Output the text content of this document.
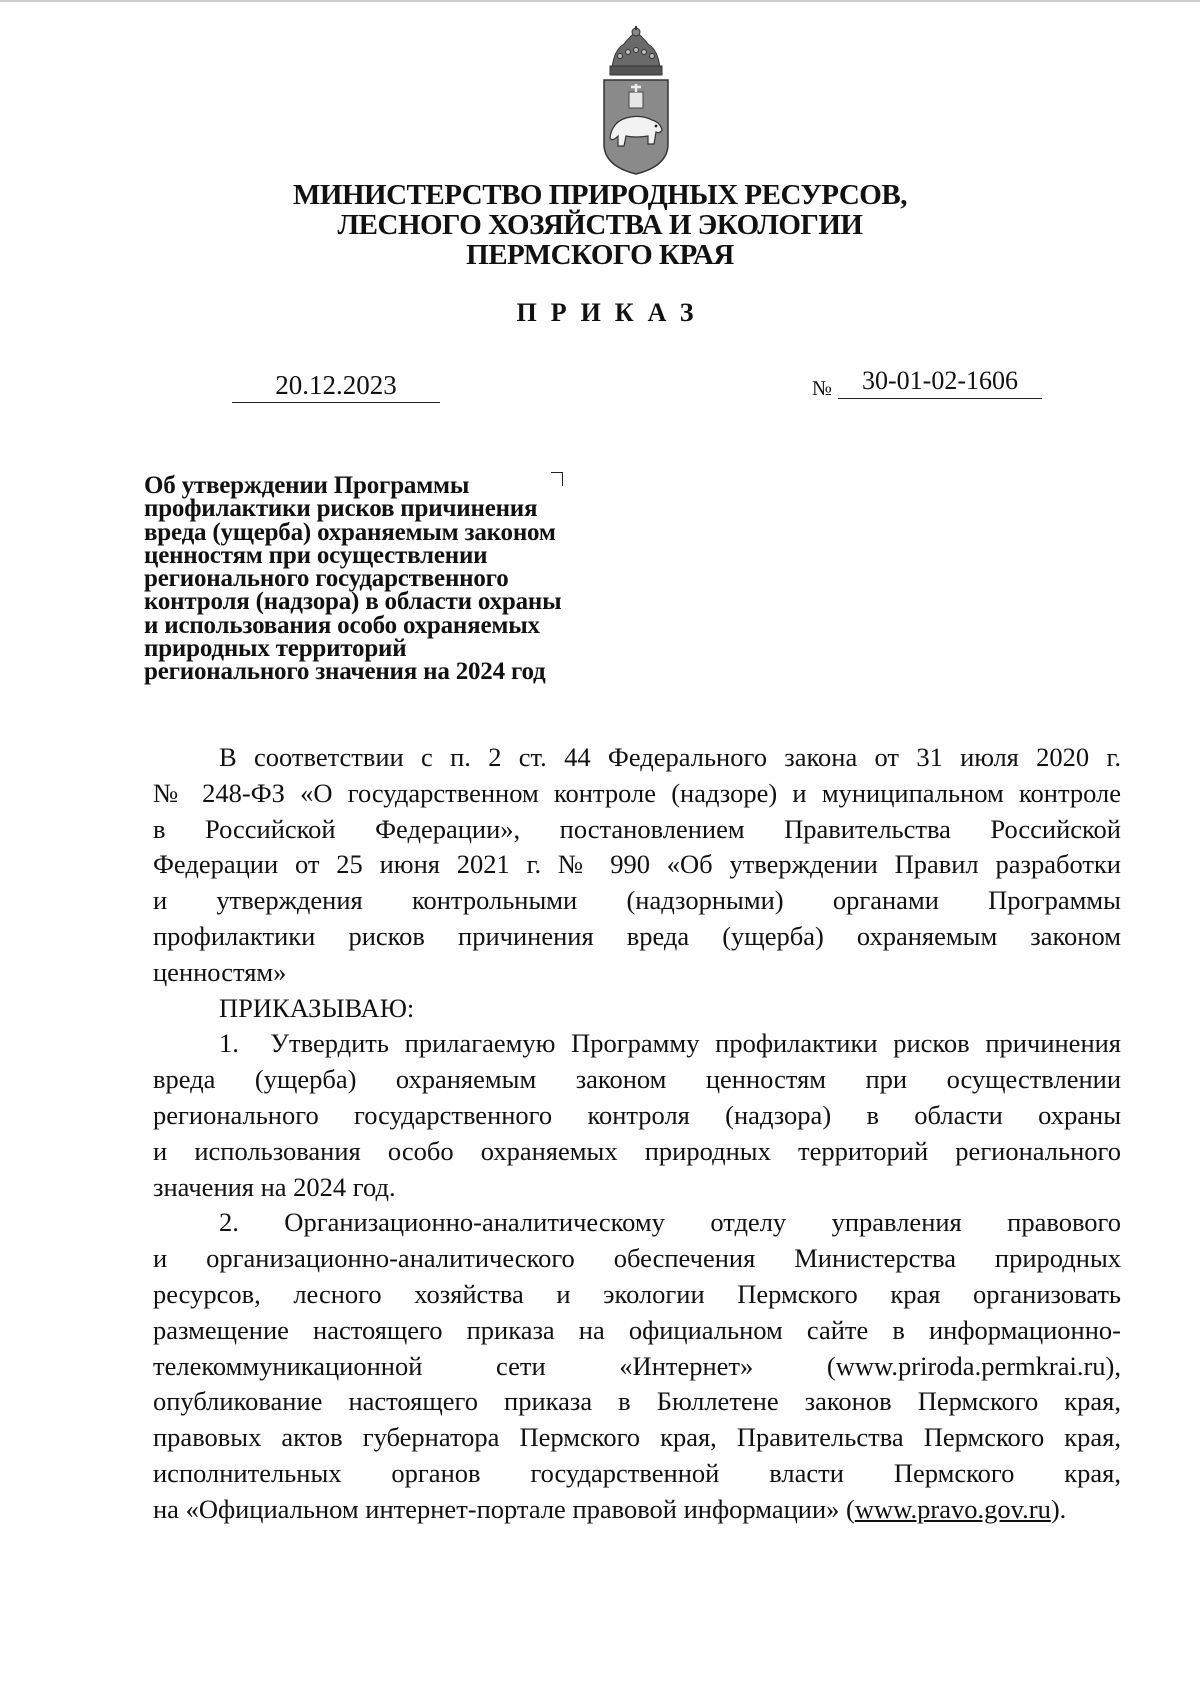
МИНИСТЕРСТВО ПРИРОДНЫХ РЕСУРСОВ,
ЛЕСНОГО ХОЗЯЙСТВА И ЭКОЛОГИИ
ПЕРМСКОГО КРАЯ
ПРИКАЗ
20.12.2023	№	30-01-02-1606
Об утверждении Программы
профилактики рисков причинения
вреда (ущерба) охраняемым законом
ценностям при осуществлении
регионального государственного
контроля (надзора) в области охраны
и использования особо охраняемых
природных территорий
регионального значения на 2024 год
В соответствии с п. 2 ст. 44 Федерального закона от 31 июля 2020 г.
№ 248-ФЗ «О государственном контроле (надзоре) и муниципальном контроле
в Российской Федерации», постановлением Правительства Российской
Федерации от 25 июня 2021 г. № 990 «Об утверждении Правил разработки
и утверждения контрольными (надзорными) органами Программы
профилактики рисков причинения вреда (ущерба) охраняемым законом
ценностям»
ПРИКАЗЫВАЮ:
1.  Утвердить прилагаемую Программу профилактики рисков причинения
вреда (ущерба) охраняемым законом ценностям при осуществлении
регионального государственного контроля (надзора) в области охраны
и использования особо охраняемых природных территорий регионального
значения на 2024 год.
2. Организационно-аналитическому отделу управления правового
и организационно-аналитического обеспечения Министерства природных
ресурсов, лесного хозяйства и экологии Пермского края организовать
размещение настоящего приказа на официальном сайте в информационно-
телекоммуникационной сети «Интернет» (www.priroda.permkrai.ru),
опубликование настоящего приказа в Бюллетене законов Пермского края,
правовых актов губернатора Пермского края, Правительства Пермского края,
исполнительных органов государственной власти Пермского края,
на «Официальном интернет-портале правовой информации» (www.pravo.gov.ru).
